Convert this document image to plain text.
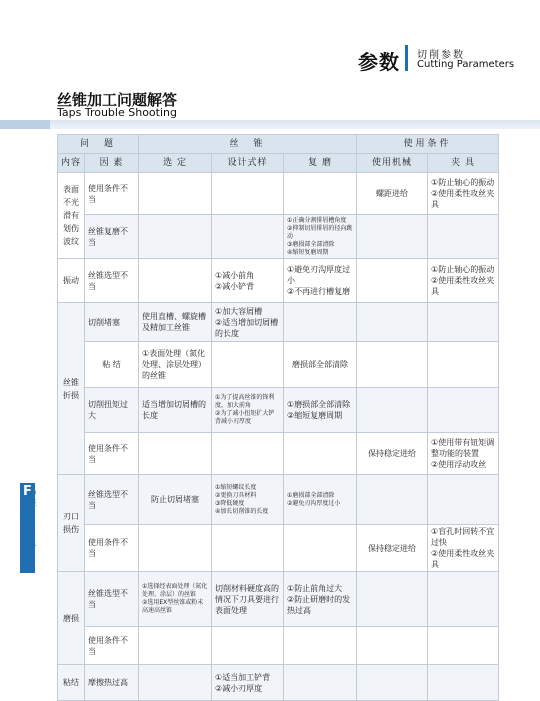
参数 切削参数
Cutting Parameters
丝锥加工问题解答
Taps Trouble Shooting
F
Cutting parameters
问　题		丝　锥			使用条件	
内容	因 素	选 定	设计式样	复 磨	使用机械	夹 具
表面不光滑有划伤波纹	使用条件不当				螺距进给	①防止轴心的振动
②使用柔性攻丝夹具
	丝锥复磨不当			①正确分割排屑槽角度
②抑制切屑排屑的径向跳动
③磨损部全部清除
④缩短复磨周期		
振动	丝锥选型不当		①减小前角
②减小铲背	①避免刃沟厚度过小
②不再进行槽复磨		①防止轴心的振动
②使用柔性攻丝夹具
丝锥折损	切削堵塞	使用直槽、螺旋槽及精加工丝锥	①加大容屑槽
②适当增加切屑槽的长度			
	粘 结	①表面处理（氮化处理、涂层处理）的丝锥		磨损部全部清除		
	切削扭矩过大	适当增加切屑槽的长度	①为了提高丝锥的锋利度，加大前角
②为了减小扭矩扩大铲背减小刃厚度	①磨损部全部清除
②缩短复磨周期		
	使用条件不当				保持稳定进给	①使用带有钮矩调整功能的装置
②使用浮动攻丝
刃口损伤	丝锥选型不当	防止切屑堵塞	①缩短螺纹长度
②更换刀具材料
③降低硬度
④加长切削锥的长度	①磨损部全部清除
②避免刃沟厚度过小		
	使用条件不当				保持稳定进给	①盲孔时回转不宜过快
②使用柔性攻丝夹具
磨损	丝锥选型不当	①选择经表面处理（氮化处理、涂层）的丝锥
②选用EX型丝锥或粉末高速高丝锥	切削材料硬度高的情况下刀具要进行表面处理	①防止前角过大
②防止研磨时的发热过高		
	使用条件不当					
粘结	摩擦热过高		①适当加工铲背
②减小刃厚度			
